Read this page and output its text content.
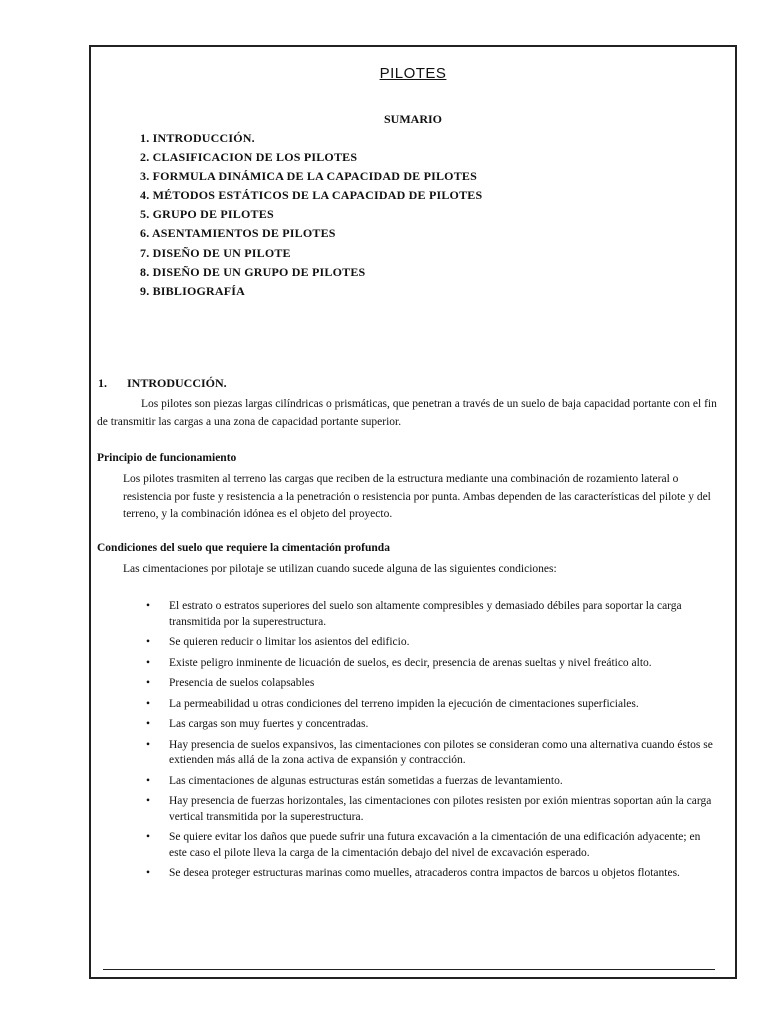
PILOTES
SUMARIO
1. INTRODUCCIÓN.
2. CLASIFICACION DE LOS PILOTES
3. FORMULA DINÁMICA DE LA CAPACIDAD DE PILOTES
4. MÉTODOS ESTÁTICOS DE LA CAPACIDAD DE PILOTES
5. GRUPO DE PILOTES
6. ASENTAMIENTOS DE PILOTES
7. DISEÑO DE UN PILOTE
8. DISEÑO DE UN GRUPO DE PILOTES
9. BIBLIOGRAFÍA
1. INTRODUCCIÓN.
Los pilotes son piezas largas cilíndricas o prismáticas, que penetran a través de un suelo de baja capacidad portante con el fin de transmitir las cargas a una zona de capacidad portante superior.
Principio de funcionamiento
Los pilotes trasmiten al terreno las cargas que reciben de la estructura mediante una combinación de rozamiento lateral o resistencia por fuste y resistencia a la penetración o resistencia por punta. Ambas dependen de las características del pilote y del terreno, y la combinación idónea es el objeto del proyecto.
Condiciones del suelo que requiere la cimentación profunda
Las cimentaciones por pilotaje se utilizan cuando sucede alguna de las siguientes condiciones:
• El estrato o estratos superiores del suelo son altamente compresibles y demasiado débiles para soportar la carga transmitida por la superestructura.
• Se quieren reducir o limitar los asientos del edificio.
• Existe peligro inminente de licuación de suelos, es decir, presencia de arenas sueltas y nivel freático alto.
• Presencia de suelos colapsables
• La permeabilidad u otras condiciones del terreno impiden la ejecución de cimentaciones superficiales.
• Las cargas son muy fuertes y concentradas.
• Hay presencia de suelos expansivos, las cimentaciones con pilotes se consideran como una alternativa cuando éstos se extienden más allá de la zona activa de expansión y contracción.
• Las cimentaciones de algunas estructuras están sometidas a fuerzas de levantamiento.
• Hay presencia de fuerzas horizontales, las cimentaciones con pilotes resisten por exión mientras soportan aún la carga vertical transmitida por la superestructura.
• Se quiere evitar los daños que puede sufrir una futura excavación a la cimentación de una edificación adyacente; en este caso el pilote lleva la carga de la cimentación debajo del nivel de excavación esperado.
• Se desea proteger estructuras marinas como muelles, atracaderos contra impactos de barcos u objetos flotantes.
